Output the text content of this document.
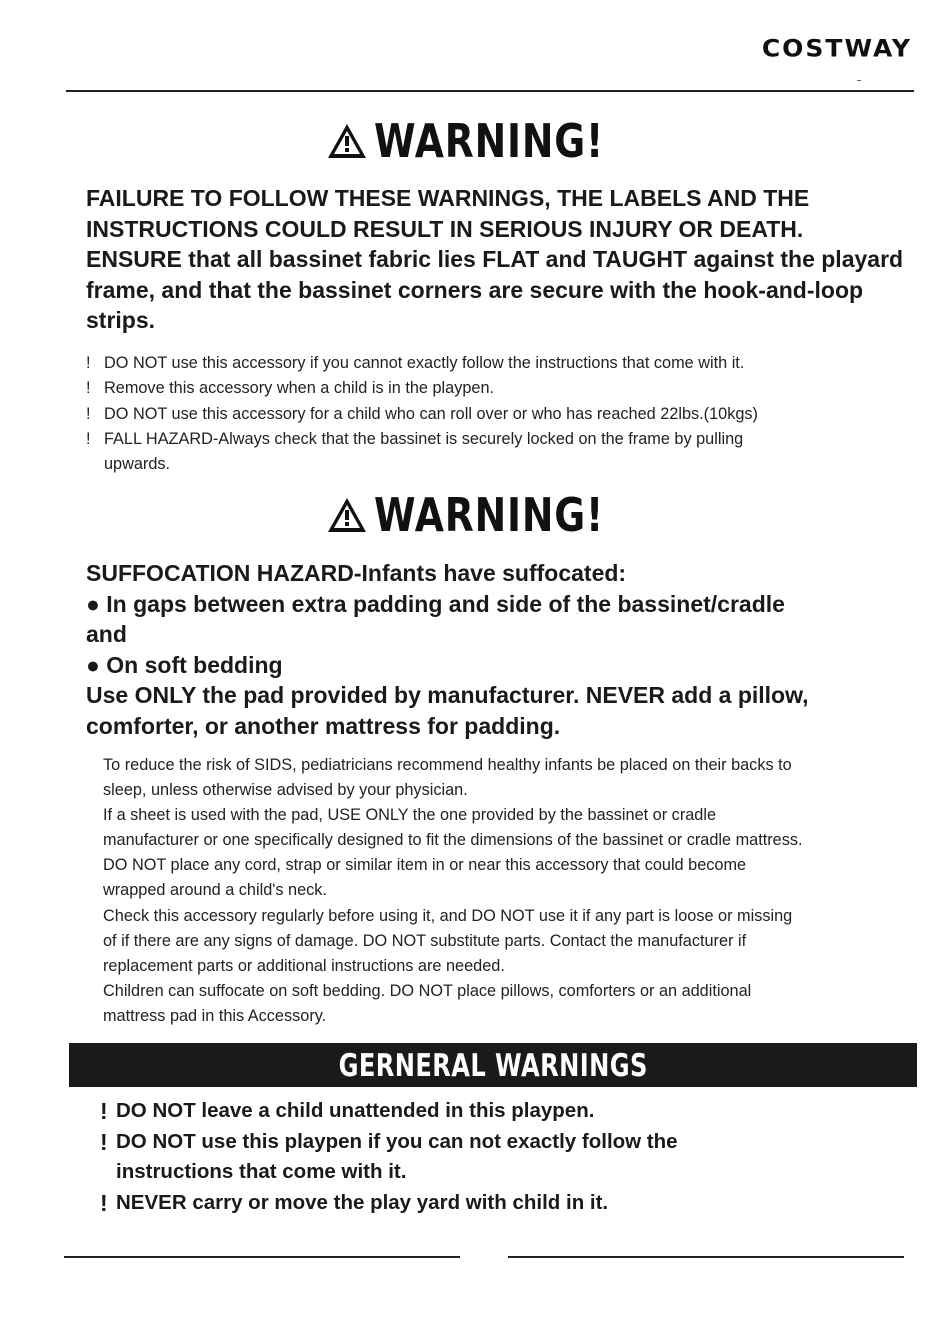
COSTWAY
WARNING!

FAILURE TO FOLLOW THESE WARNINGS, THE LABELS AND THE INSTRUCTIONS COULD RESULT IN SERIOUS INJURY OR DEATH.

ENSURE that all bassinet fabric lies FLAT and TAUGHT against the playard frame, and that the bassinet corners are secure with the hook-and-loop strips.

! DO NOT use this accessory if you cannot exactly follow the instructions that come with it.
! Remove this accessory when a child is in the playpen.
! DO NOT use this accessory for a child who can roll over or who has reached 22lbs.(10kgs)
! FALL HAZARD-Always check that the bassinet is securely locked on the frame by pulling
upwards.
WARNING!

SUFFOCATION HAZARD-Infants have suffocated:

● In gaps between extra padding and side of the bassinet/cradle

and

● On soft bedding

Use ONLY the pad provided by manufacturer. NEVER add a pillow, comforter, or another mattress for padding.

To reduce the risk of SIDS, pediatricians recommend healthy infants be placed on their backs to

sleep, unless otherwise advised by your physician.

If a sheet is used with the pad, USE ONLY the one provided by the bassinet or cradle

manufacturer or one specifically designed to fit the dimensions of the bassinet or cradle mattress.

DO NOT place any cord, strap or similar item in or near this accessory that could become

wrapped around a child's neck.

Check this accessory regularly before using it, and DO NOT use it if any part is loose or missing

of if there are any signs of damage. DO NOT substitute parts. Contact the manufacturer if

replacement parts or additional instructions are needed.

Children can suffocate on soft bedding. DO NOT place pillows, comforters or an additional

mattress pad in this Accessory.

GERNERAL WARNINGS
! DO NOT leave a child unattended in this playpen.
! DO NOT use this playpen if you can not exactly follow the
instructions that come with it.
! NEVER carry or move the play yard with child in it.
